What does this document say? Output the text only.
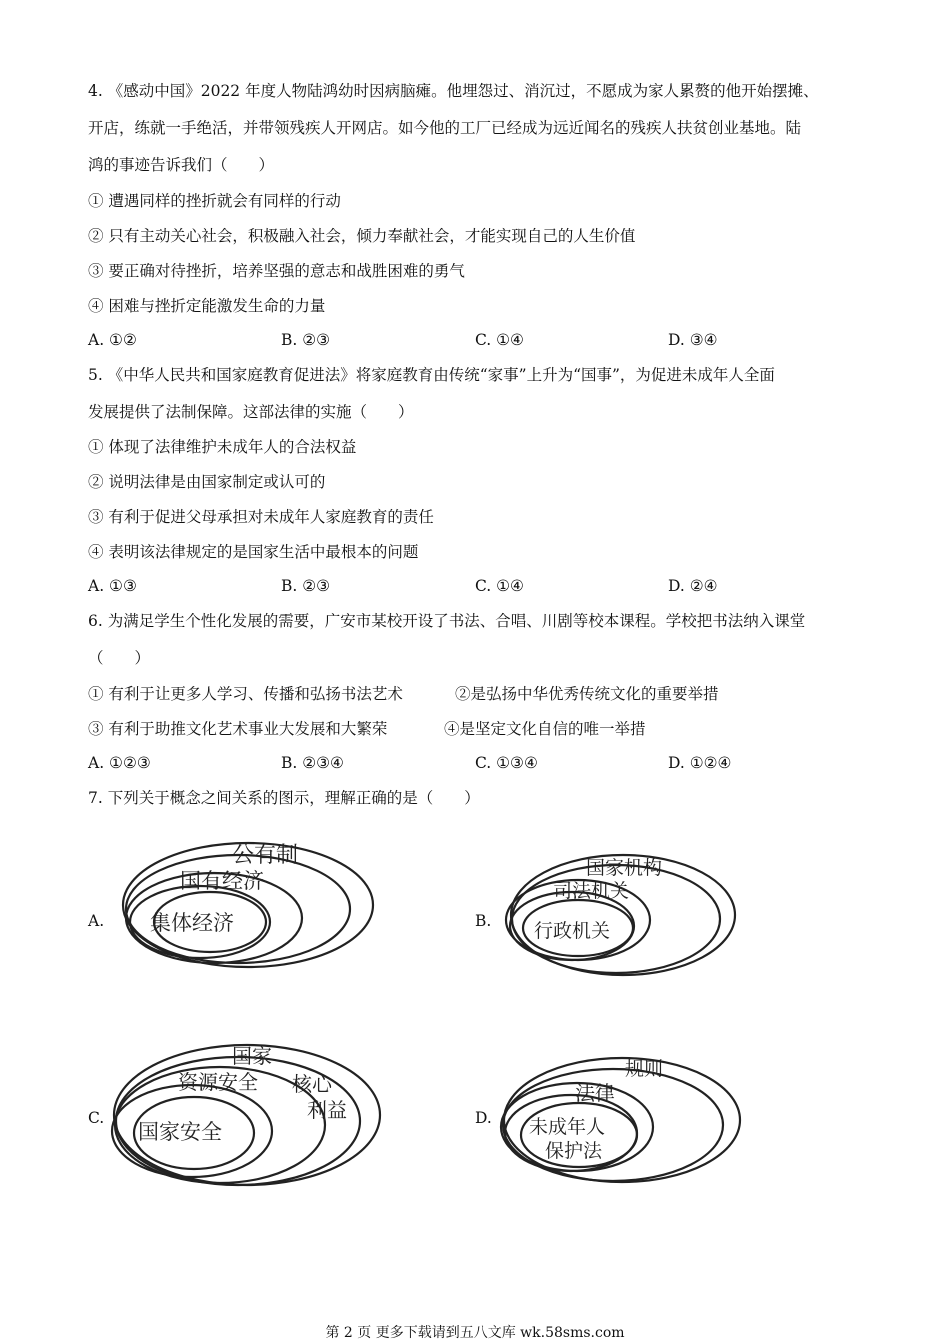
4. 《感动中国》2022 年度人物陆鸿幼时因病脑瘫。他埋怨过、消沉过，不愿成为家人累赘的他开始摆摊、
开店，练就一手绝活，并带领残疾人开网店。如今他的工厂已经成为远近闻名的残疾人扶贫创业基地。陆
鸿的事迹告诉我们（　　）
① 遭遇同样的挫折就会有同样的行动
② 只有主动关心社会，积极融入社会，倾力奉献社会，才能实现自己的人生价值
③ 要正确对待挫折，培养坚强的意志和战胜困难的勇气
④ 困难与挫折定能激发生命的力量
A. ①②	B. ②③	C. ①④	D. ③④
5. 《中华人民共和国家庭教育促进法》将家庭教育由传统“家事”上升为“国事”，为促进未成年人全面
发展提供了法制保障。这部法律的实施（　　）
① 体现了法律维护未成年人的合法权益
② 说明法律是由国家制定或认可的
③ 有利于促进父母承担对未成年人家庭教育的责任
④ 表明该法律规定的是国家生活中最根本的问题
A. ①③	B. ②③	C. ①④	D. ②④
6. 为满足学生个性化发展的需要，广安市某校开设了书法、合唱、川剧等校本课程。学校把书法纳入课堂
（　　）
① 有利于让更多人学习、传播和弘扬书法艺术	②是弘扬中华优秀传统文化的重要举措
③ 有利于助推文化艺术事业大发展和大繁荣	④是坚定文化自信的唯一举措
A. ①②③	B. ②③④	C. ①③④	D. ①②④
7. 下列关于概念之间关系的图示，理解正确的是（　　）
A.
公有制
国有经济
集体经济	B.
国家机构
司法机关
行政机关
C.
国家
核心
利益
资源安全
国家安全
D.
规则
法律
未成年人
保护法
第 2 页 更多下载请到五八文库 wk.58sms.com
